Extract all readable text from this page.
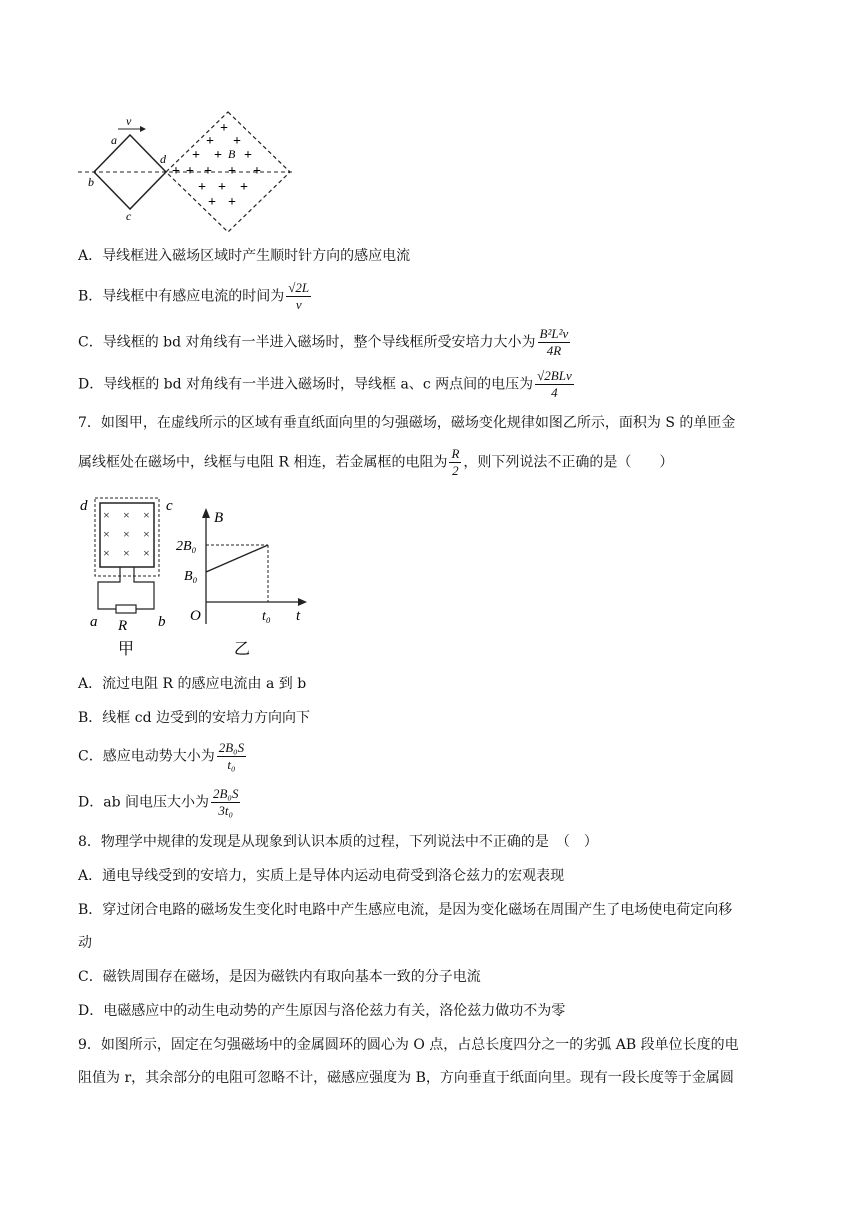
v
a
b
c
d	B
+
+ +
+ + +
+ + + + +
+ + +
+ +
A．导线框进入磁场区域时产生顺时针方向的感应电流
B．导线框中有感应电流的时间为 $\frac{√2L}{v}$
C．导线框的 bd 对角线有一半进入磁场时，整个导线框所受安培力大小为 $\frac{\text{B²L²v}}{4R}$
D．导线框的 bd 对角线有一半进入磁场时，导线框 a、c 两点间的电压为 $\frac{\text{√2BLv}}{4}$
7．如图甲，在虚线所示的区域有垂直纸面向里的匀强磁场，磁场变化规律如图乙所示，面积为 S 的单匝金
属线框处在磁场中，线框与电阻 R 相连，若金属框的电阻为 $\frac{R}{2}$ ，则下列说法不正确的是（　　）
d	c
× × ×
× × ×
× × ×
a	b
R
甲
B
t
O
2B₀
B₀
t₀
乙
A．流过电阻 R 的感应电流由 a 到 b
B．线框 cd 边受到的安培力方向向下
C．感应电动势大小为 $\frac{\text{2B₀S}}{\text{t₀}}$
D．ab 间电压大小为 $\frac{\text{2B₀S}}{\text{3t₀}}$
8．物理学中规律的发现是从现象到认识本质的过程，下列说法中不正确的是　（　）
A．通电导线受到的安培力，实质上是导体内运动电荷受到洛仑兹力的宏观表现
B．穿过闭合电路的磁场发生变化时电路中产生感应电流，是因为变化磁场在周围产生了电场使电荷定向移
动
C．磁铁周围存在磁场，是因为磁铁内有取向基本一致的分子电流
D．电磁感应中的动生电动势的产生原因与洛伦兹力有关，洛伦兹力做功不为零
9．如图所示，固定在匀强磁场中的金属圆环的圆心为 O 点，占总长度四分之一的劣弧 AB 段单位长度的电
阻值为 r，其余部分的电阻可忽略不计，磁感应强度为 B，方向垂直于纸面向里。现有一段长度等于金属圆
